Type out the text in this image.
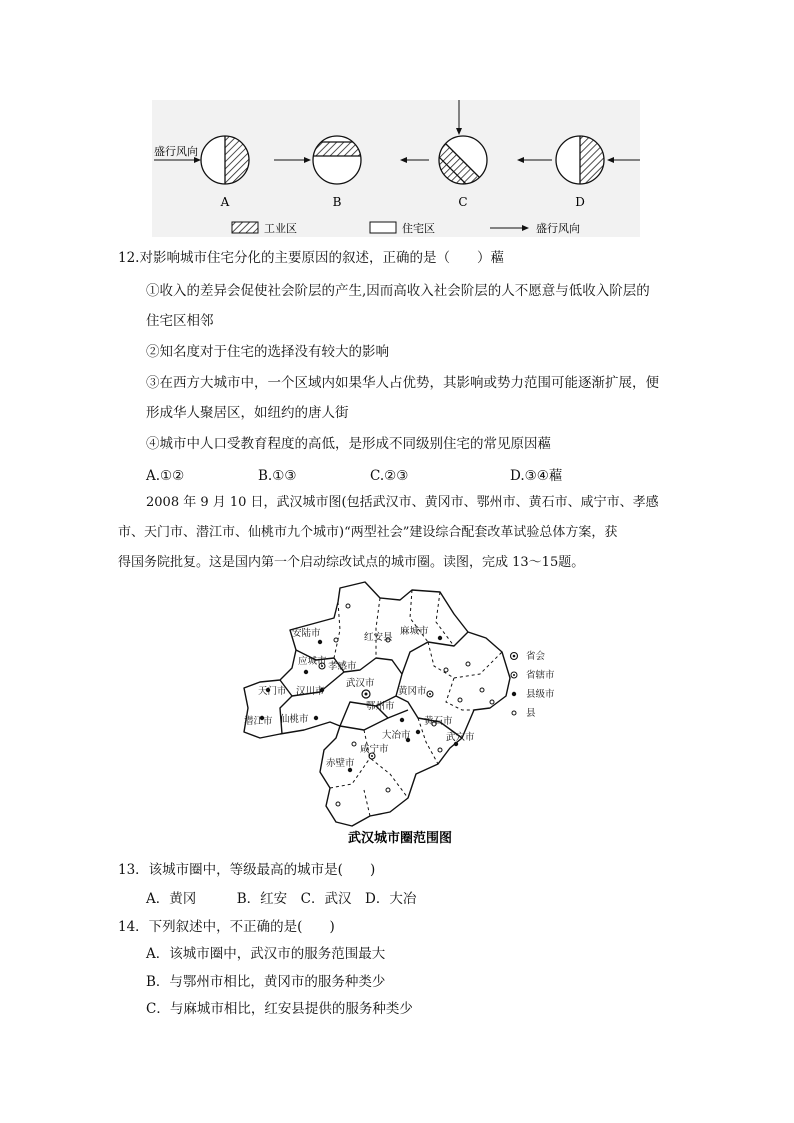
盛行风向
A	B	C	D
工业区	住宅区	盛行风向
12.对影响城市住宅分化的主要原因的叙述，正确的是（　　）藲
①收入的差异会促使社会阶层的产生,因而高收入社会阶层的人不愿意与低收入阶层的
住宅区相邻
②知名度对于住宅的选择没有较大的影响
③在西方大城市中，一个区域内如果华人占优势，其影响或势力范围可能逐渐扩展，便
形成华人聚居区，如纽约的唐人街
④城市中人口受教育程度的高低，是形成不同级别住宅的常见原因藲
A.①②	B.①③	C.②③	D.③④藲
2008 年 9 月 10 日，武汉城市图(包括武汉市、黄冈市、鄂州市、黄石市、咸宁市、孝感
市、天门市、潜江市、仙桃市九个城市)“两型社会”建设综合配套改革试验总体方案，获
得国务院批复。这是国内第一个启动综改试点的城市圈。读图，完成 13～15题。
安陆市	红安县
麻城市
应城市 孝感市
天门市 汉川市
武汉市
黄冈市
潜江市 仙桃市
鄂州市
黄石市
大冶市	武穴市
咸宁市
赤壁市
省会
省辖市
县级市
县
武汉城市圈范围图
13．该城市圈中，等级最高的城市是(　　)
A．黄冈　　　B．红安　C．武汉　D．大冶
14．下列叙述中，不正确的是(　　)
A．该城市圈中，武汉市的服务范围最大
B．与鄂州市相比，黄冈市的服务种类少
C．与麻城市相比，红安县提供的服务种类少
